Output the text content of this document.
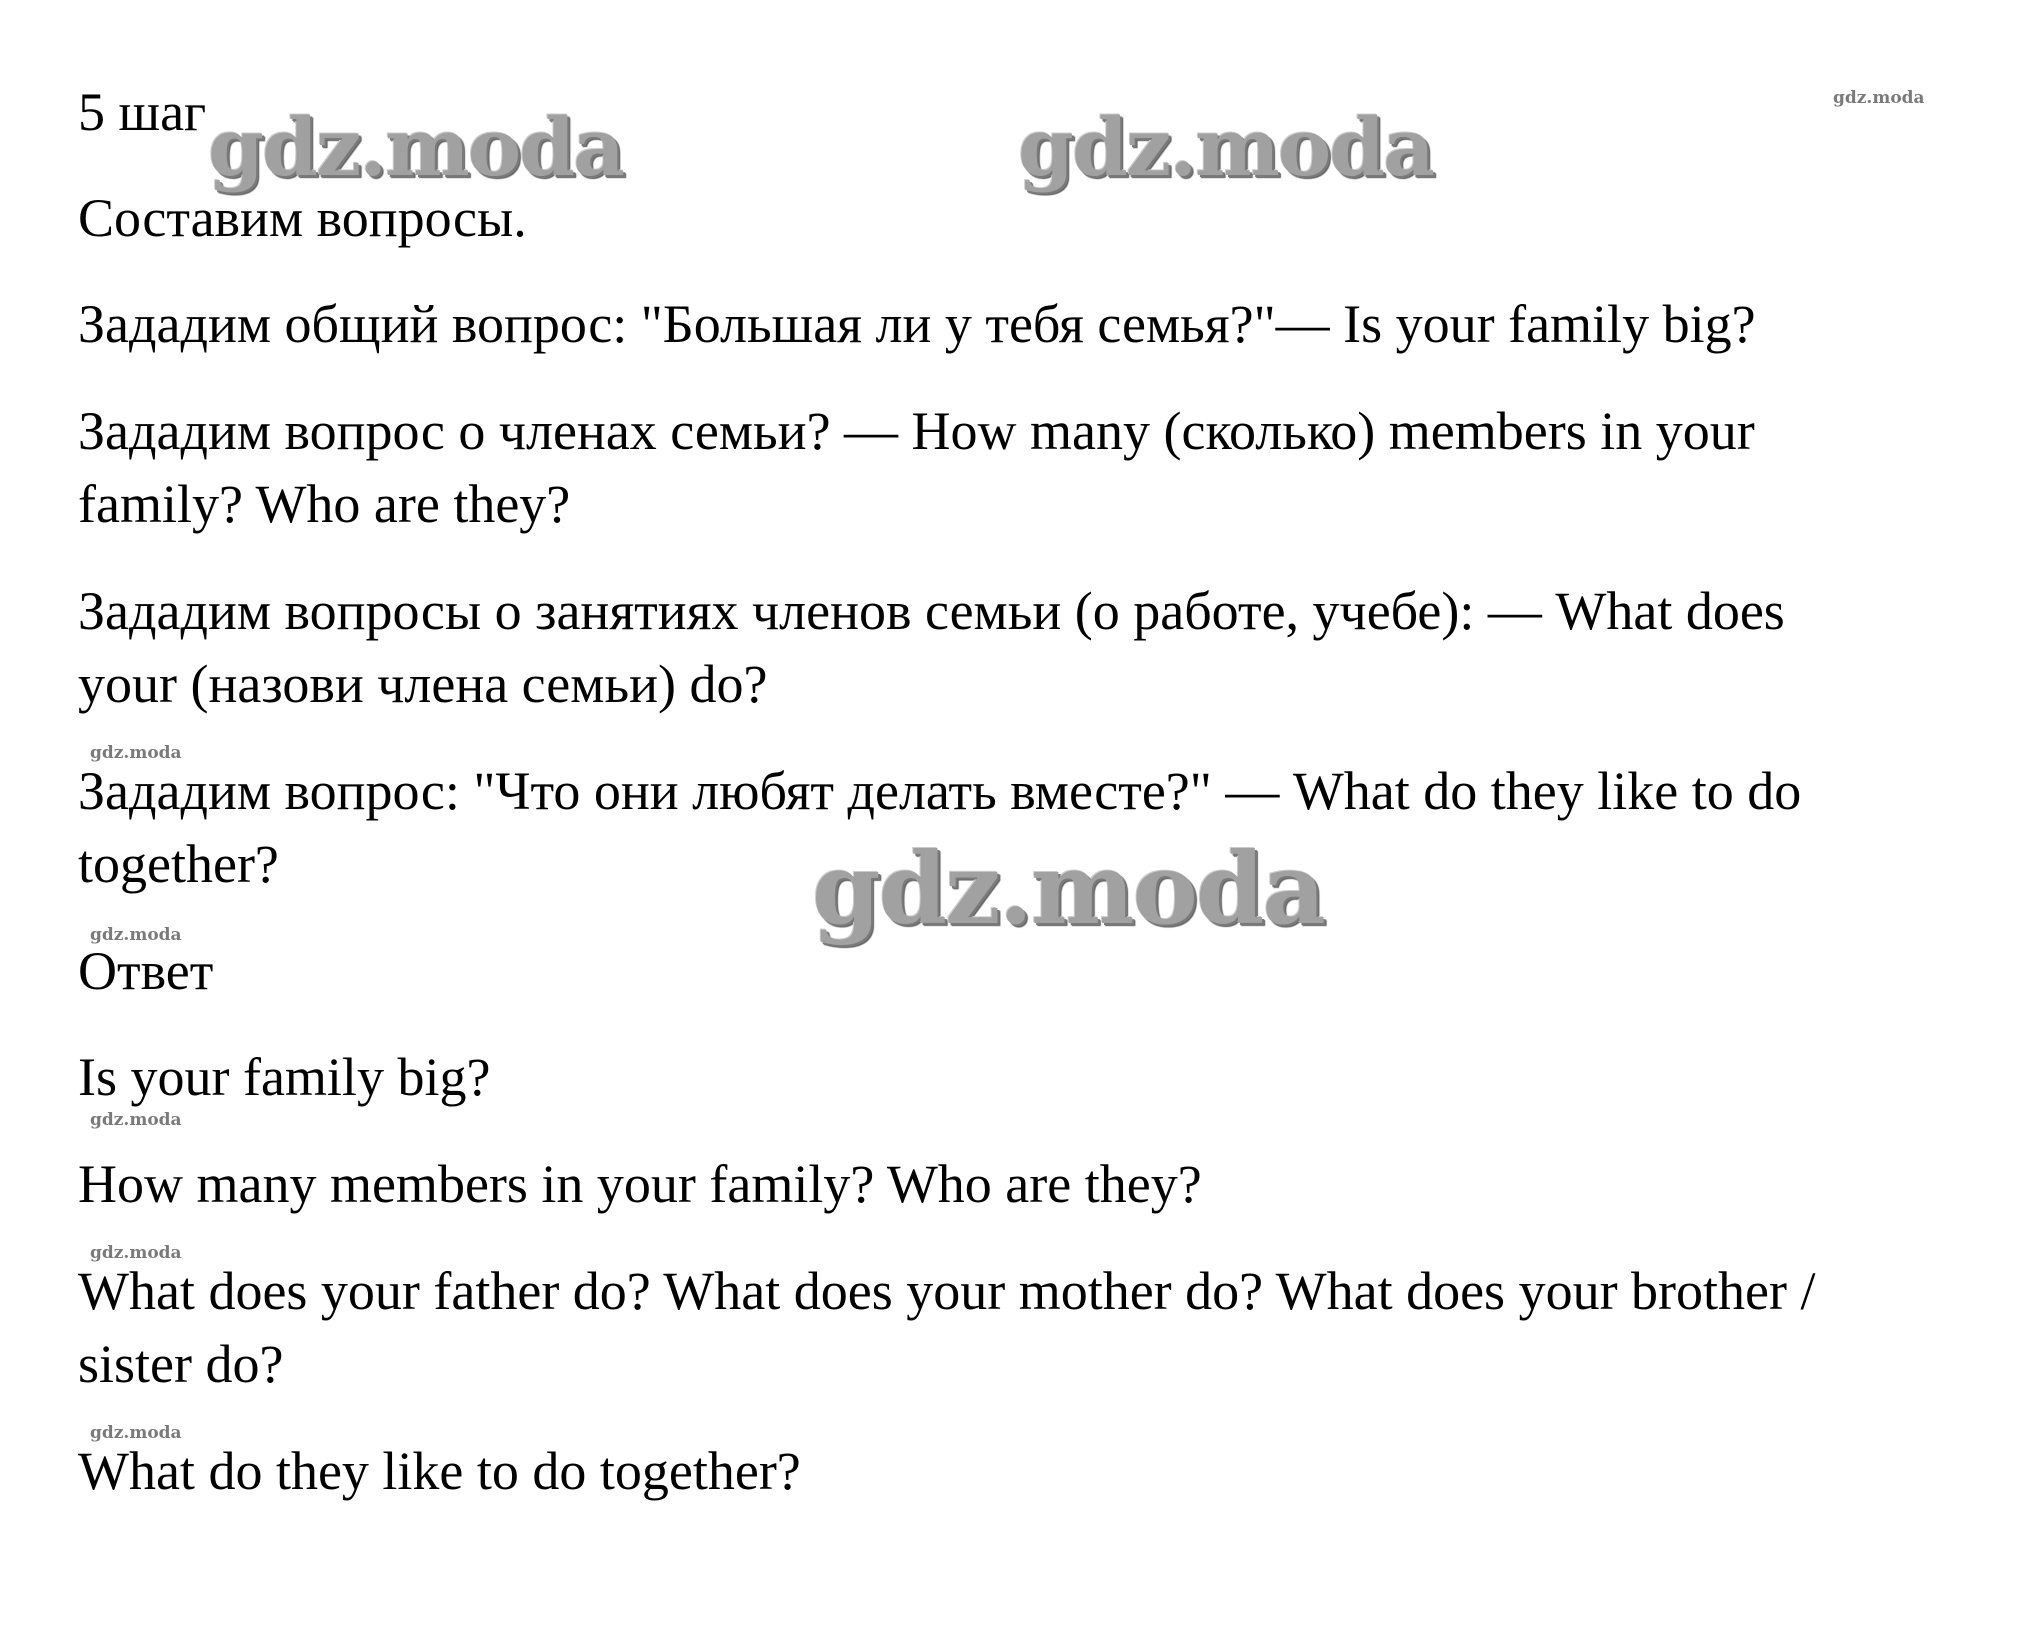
gdz.moda	gdz.moda
gdz.moda
gdz.moda
gdz.moda
gdz.moda
gdz.moda
gdz.moda
gdz.moda

5 шаг

Составим вопросы.

Зададим общий вопрос: "Большая ли у тебя семья?"— Is your family big?

Зададим вопрос о членах семьи? — How many (сколько) members in your

family? Who are they?

Зададим вопросы о занятиях членов семьи (о работе, учебе): — What does

your (назови члена семьи) do?

Зададим вопрос: "Что они любят делать вместе?" — What do they like to do

together?

Ответ

Is your family big?

How many members in your family? Who are they?

What does your father do? What does your mother do? What does your brother /

sister do?

What do they like to do together?
